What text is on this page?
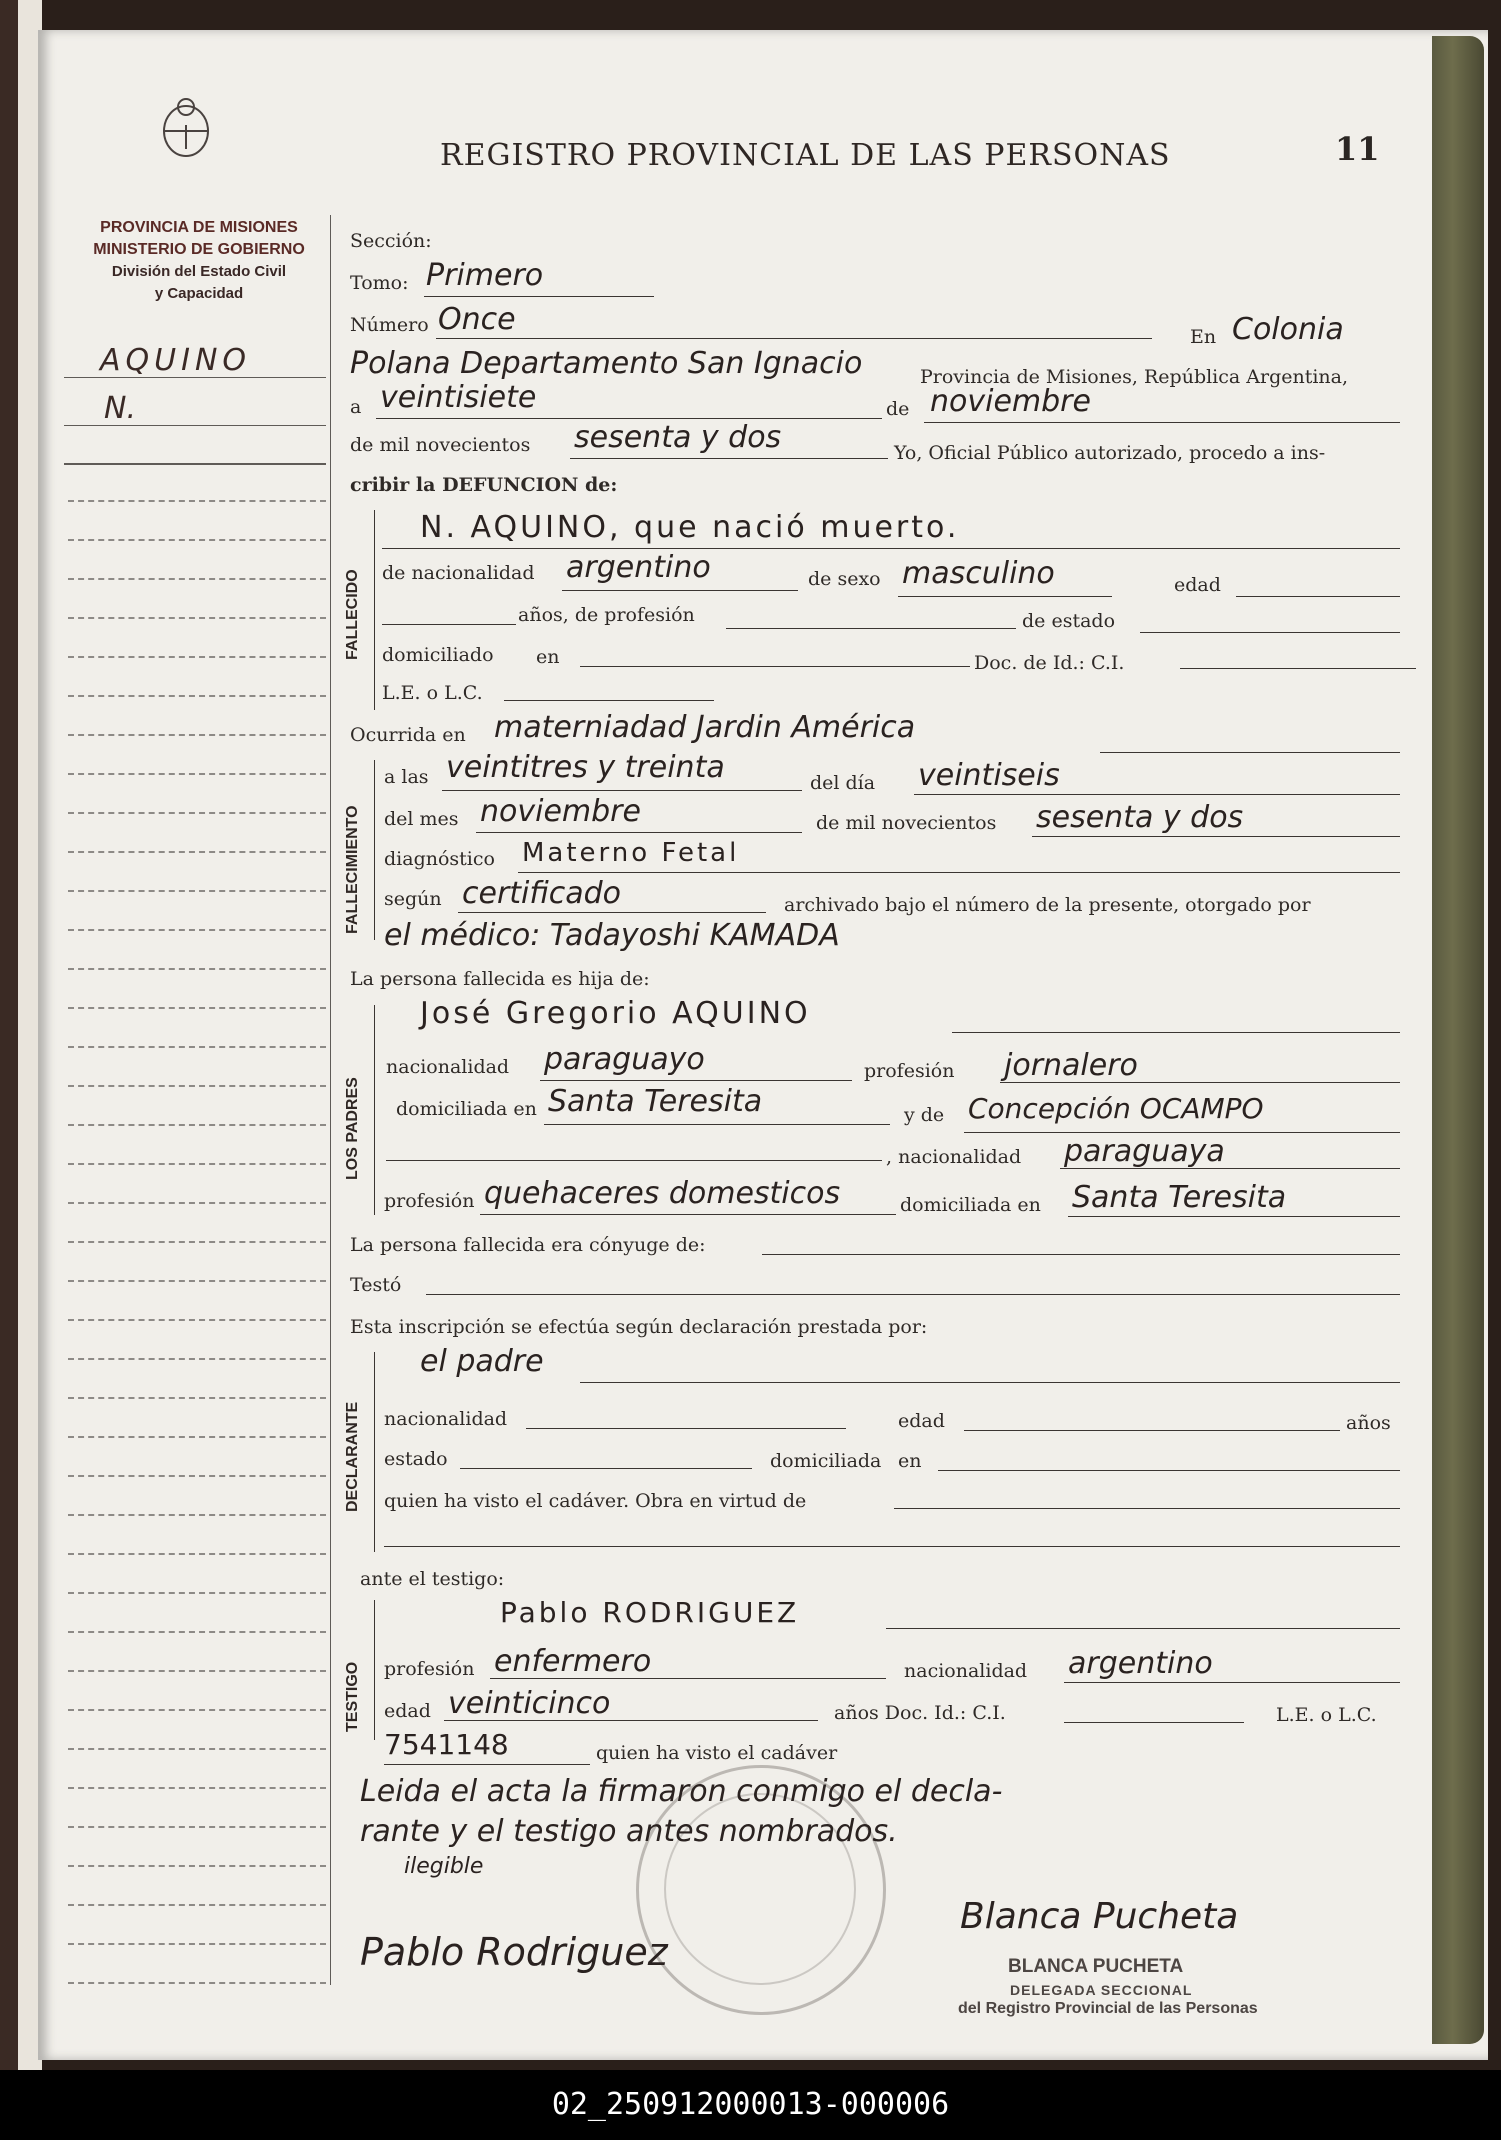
PROVINCIA DE MISIONES
MINISTERIO DE GOBIERNO
División del Estado Civil
y Capacidad
AQUINO
N.
REGISTRO PROVINCIAL DE LAS PERSONAS	11
Sección:
Tomo: Primero
Número Once	En Colonia
Polana Departamento San Ignacio	Provincia de Misiones, República Argentina,
a veintisiete	de noviembre
de mil novecientos sesenta y dos	Yo, Oficial Público autorizado, procedo a ins-
cribir la DEFUNCION de:
FALLECIDO
N. AQUINO, que nació muerto.
de nacionalidad argentino	de sexo masculino	edad
años, de profesión	de estado
domiciliado en	Doc. de Id.: C.I.
L.E. o L.C.
Ocurrida en materniadad Jardin América
FALLECIMIENTO
a las veintitres y treinta	del día veintiseis
del mes noviembre	de mil novecientos sesenta y dos
diagnóstico Materno Fetal
según certificado	archivado bajo el número de la presente, otorgado por
el médico: Tadayoshi KAMADA
La persona fallecida es hija de:
LOS PADRES
José Gregorio AQUINO
nacionalidad paraguayo	profesión jornalero
domiciliada en Santa Teresita	y de Concepción OCAMPO
, nacionalidad paraguaya
profesión quehaceres domesticos	domiciliada en Santa Teresita
La persona fallecida era cónyuge de:
Testó
Esta inscripción se efectúa según declaración prestada por:
DECLARANTE
el padre
nacionalidad	edad	años
estado	domiciliada en
quien ha visto el cadáver. Obra en virtud de
ante el testigo:
TESTIGO
Pablo RODRIGUEZ
profesión enfermero	nacionalidad argentino
edad veinticinco	años Doc. Id.: C.I.	L.E. o L.C.
7541148	quien ha visto el cadáver
Leida el acta la firmaron conmigo el decla-
rante y el testigo antes nombrados.
ilegible
Pablo Rodriguez
Blanca Pucheta
BLANCA PUCHETA
DELEGADA SECCIONAL
del Registro Provincial de las Personas
02_250912000013-000006
